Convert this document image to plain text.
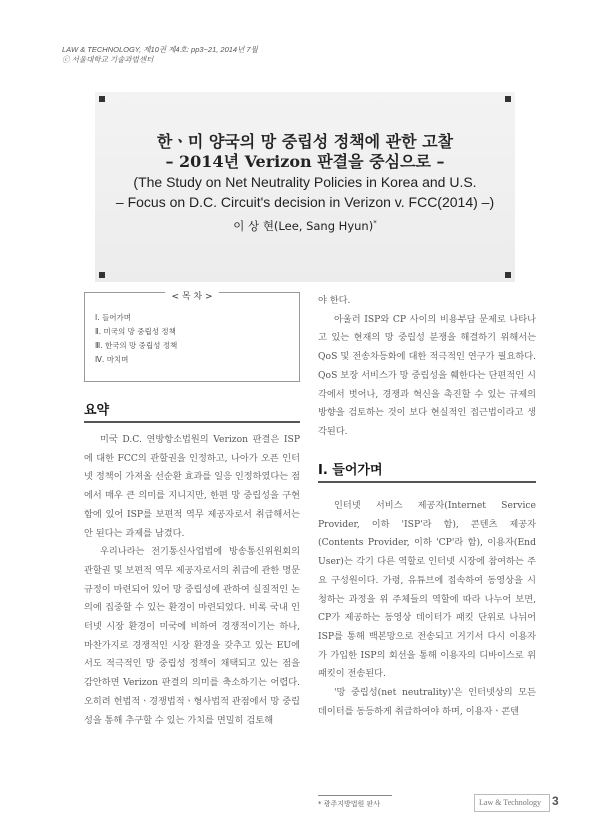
LAW & TECHNOLOGY, 제10권 제4호: pp3~21, 2014년 7월
ⓒ 서울대학교 기술과법센터
한ㆍ미 양국의 망 중립성 정책에 관한 고찰
– 2014년 Verizon 판결을 중심으로 –
(The Study on Net Neutrality Policies in Korea and U.S.
– Focus on D.C. Circuit's decision in Verizon v. FCC(2014) –)
이 상 현(Lee, Sang Hyun)*
< 목 차 >
Ⅰ. 들어가며
Ⅱ. 미국의 망 중립성 정책
Ⅲ. 한국의 망 중립성 정책
Ⅳ. 마치며
요약

미국 D.C. 연방항소법원의 Verizon 판결은 ISP에 대한 FCC의 관할권을 인정하고, 나아가 오픈 인터넷 정책이 가져올 선순환 효과를 일응 인정하였다는 점에서 매우 큰 의미를 지니지만, 한편 망 중립성을 구현함에 있어 ISP를 보편적 역무 제공자로서 취급해서는 안 된다는 과제를 남겼다.

우리나라는 전기통신사업법에 방송통신위원회의 관할권 및 보편적 역무 제공자로서의 취급에 관한 명문 규정이 마련되어 있어 망 중립성에 관하여 실질적인 논의에 집중할 수 있는 환경이 마련되었다. 비록 국내 인터넷 시장 환경이 미국에 비하여 경쟁적이기는 하나, 마찬가지로 경쟁적인 시장 환경을 갖추고 있는 EU에서도 적극적인 망 중립성 정책이 채택되고 있는 점을 감안하면 Verizon 판결의 의미를 축소하기는 어렵다. 오히려 헌법적ㆍ경쟁법적ㆍ형사법적 관점에서 망 중립성을 통해 추구할 수 있는 가치를 면밀히 검토해

야 한다.

아울러 ISP와 CP 사이의 비용부담 문제로 나타나고 있는 현재의 망 중립성 분쟁을 해결하기 위해서는 QoS 및 전송차등화에 대한 적극적인 연구가 필요하다. QoS 보장 서비스가 망 중립성을 훼한다는 단편적인 시각에서 벗어나, 경쟁과 혁신을 촉진할 수 있는 규제의 방향을 검토하는 것이 보다 현실적인 접근법이라고 생각된다.

Ⅰ. 들어가며

인터넷 서비스 제공자(Internet Service Provider, 이하 'ISP'라 함), 콘텐츠 제공자(Contents Provider, 이하 'CP'라 함), 이용자(End User)는 각기 다른 역할로 인터넷 시장에 참여하는 주요 구성원이다. 가령, 유튜브에 접속하여 동영상을 시청하는 과정을 위 주체들의 역할에 따라 나누어 보면, CP가 제공하는 동영상 데이터가 패킷 단위로 나뉘어 ISP를 통해 백본망으로 전송되고 거기서 다시 이용자가 가입한 ISP의 회선을 통해 이용자의 디바이스로 위 패킷이 전송된다.

'망 중립성(net neutrality)'은 인터넷상의 모든 데이터를 동등하게 취급하여야 하며, 이용자ㆍ콘텐

* 광주지방법원 판사	Law & Technology 3
